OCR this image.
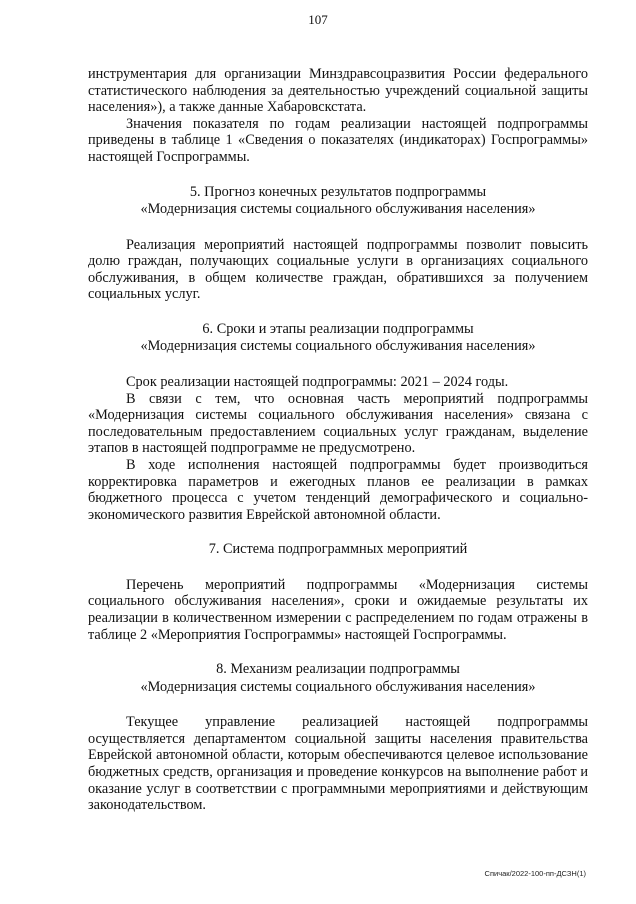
107

инструментария для организации Минздравсоцразвития России федерального статистического наблюдения за деятельностью учреждений социальной защиты населения»), а также данные Хабаровскстата.

Значения показателя по годам реализации настоящей подпрограммы приведены в таблице 1 «Сведения о показателях (индикаторах) Госпрограммы» настоящей Госпрограммы.

5. Прогноз конечных результатов подпрограммы
«Модернизация системы социального обслуживания населения»

Реализация мероприятий настоящей подпрограммы позволит повысить долю граждан, получающих социальные услуги в организациях социального обслуживания, в общем количестве граждан, обратившихся за получением социальных услуг.

6. Сроки и этапы реализации подпрограммы
«Модернизация системы социального обслуживания населения»

Срок реализации настоящей подпрограммы: 2021 – 2024 годы.

В связи с тем, что основная часть мероприятий подпрограммы «Модернизация системы социального обслуживания населения» связана с последовательным предоставлением социальных услуг гражданам, выделение этапов в настоящей подпрограмме не предусмотрено.

В ходе исполнения настоящей подпрограммы будет производиться корректировка параметров и ежегодных планов ее реализации в рамках бюджетного процесса с учетом тенденций демографического и социально-экономического развития Еврейской автономной области.

7. Система подпрограммных мероприятий

Перечень мероприятий подпрограммы «Модернизация системы социального обслуживания населения», сроки и ожидаемые результаты их реализации в количественном измерении с распределением по годам отражены в таблице 2 «Мероприятия Госпрограммы» настоящей Госпрограммы.

8. Механизм реализации подпрограммы
«Модернизация системы социального обслуживания населения»

Текущее управление реализацией настоящей подпрограммы осуществляется департаментом социальной защиты населения правительства Еврейской автономной области, которым обеспечиваются целевое использование бюджетных средств, организация и проведение конкурсов на выполнение работ и оказание услуг в соответствии с программными мероприятиями и действующим законодательством.

Спичак/2022-100-пп-ДСЗН(1)
